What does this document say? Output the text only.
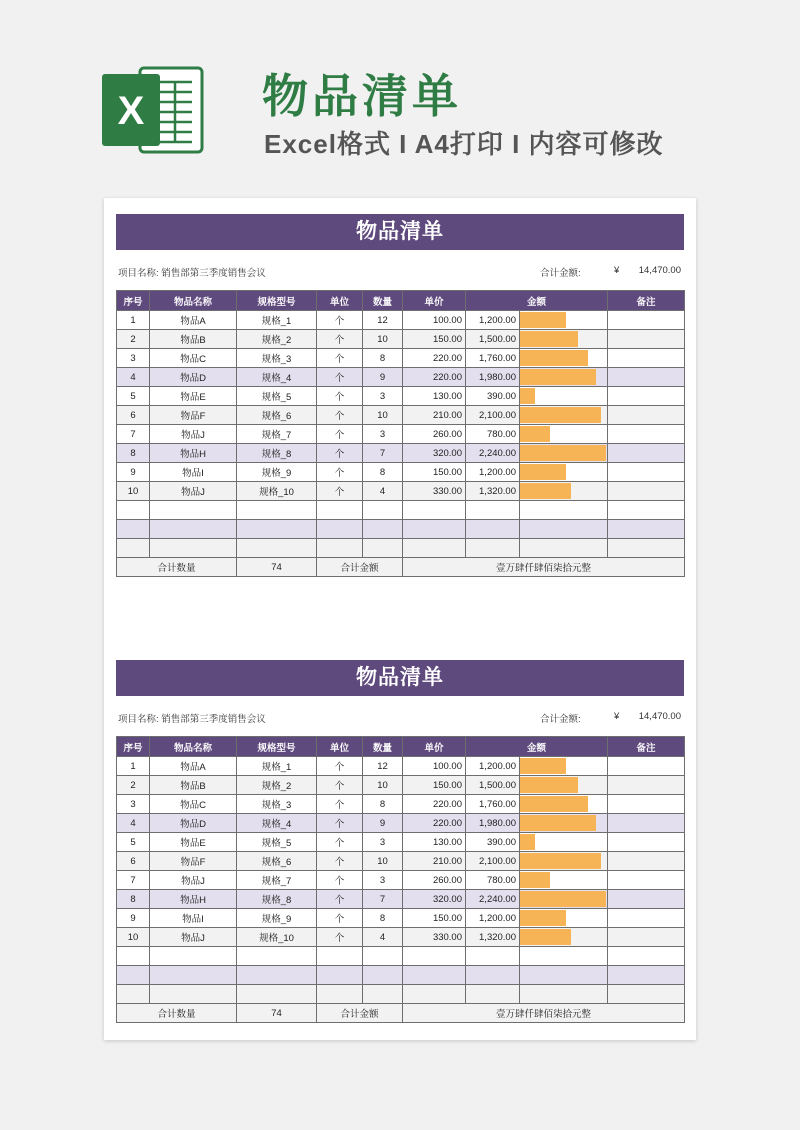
X	物品清单
Excel格式 I A4打印 I 内容可修改
物品清单
项目名称: 销售部第三季度销售会议	合计金额:	¥ 14,470.00
序号	物品名称	规格型号	单位	数量	单价	金额		备注
1	物品A	规格_1	个	12	100.00	1,200.00	

2	物品B	规格_2	个	10	150.00	1,500.00	

3	物品C	规格_3	个	8	220.00	1,760.00	

4	物品D	规格_4	个	9	220.00	1,980.00	

5	物品E	规格_5	个	3	130.00	390.00	

6	物品F	规格_6	个	10	210.00	2,100.00	

7	物品J	规格_7	个	3	260.00	780.00	

8	物品H	规格_8	个	7	320.00	2,240.00	

9	物品I	规格_9	个	8	150.00	1,200.00	

10	物品J	规格_10	个	4	330.00	1,320.00	

合计数量		74	合计金额		壹万肆仟肆佰柒拾元整			
物品清单
项目名称: 销售部第三季度销售会议	合计金额:	¥ 14,470.00
序号	物品名称	规格型号	单位	数量	单价	金额		备注
1	物品A	规格_1	个	12	100.00	1,200.00	

2	物品B	规格_2	个	10	150.00	1,500.00	

3	物品C	规格_3	个	8	220.00	1,760.00	

4	物品D	规格_4	个	9	220.00	1,980.00	

5	物品E	规格_5	个	3	130.00	390.00	

6	物品F	规格_6	个	10	210.00	2,100.00	

7	物品J	规格_7	个	3	260.00	780.00	

8	物品H	规格_8	个	7	320.00	2,240.00	

9	物品I	规格_9	个	8	150.00	1,200.00	

10	物品J	规格_10	个	4	330.00	1,320.00	

合计数量		74	合计金额		壹万肆仟肆佰柒拾元整			
